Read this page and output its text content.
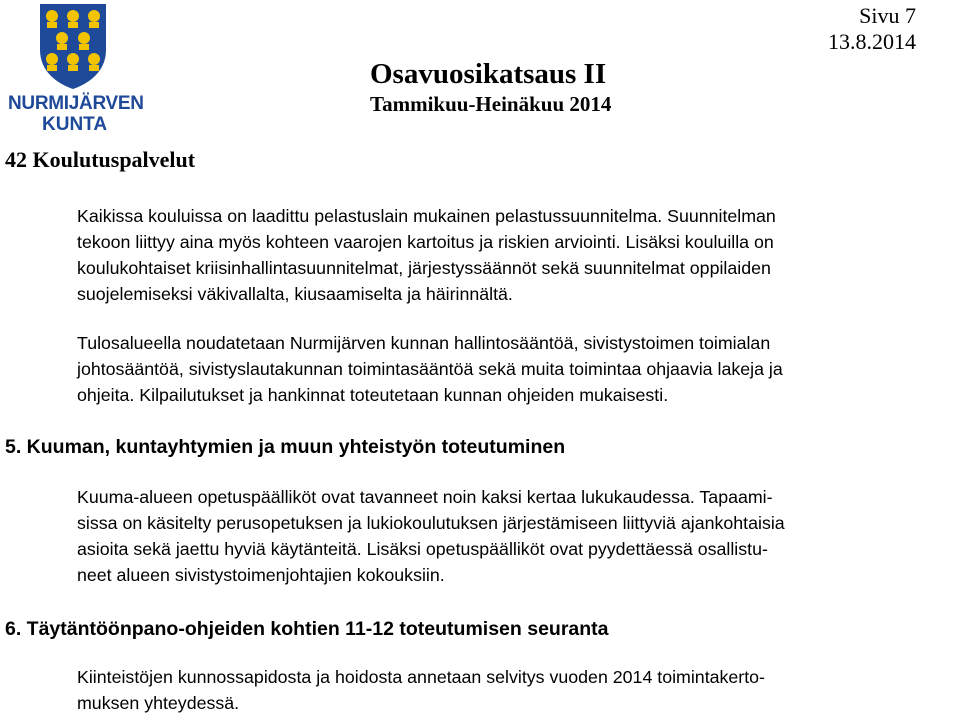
NURMIJÄRVEN
KUNTA
42 Koulutuspalvelut
Sivu 7
13.8.2014
Osavuosikatsaus II
Tammikuu-Heinäkuu 2014

Kaikissa kouluissa on laadittu pelastuslain mukainen pelastussuunnitelma. Suunnitelman

tekoon liittyy aina myös kohteen vaarojen kartoitus ja riskien arviointi. Lisäksi kouluilla on

koulukohtaiset kriisinhallintasuunnitelmat, järjestyssäännöt sekä suunnitelmat oppilaiden

suojelemiseksi väkivallalta, kiusaamiselta ja häirinnältä.

Tulosalueella noudatetaan Nurmijärven kunnan hallintosääntöä, sivistystoimen toimialan

johtosääntöä, sivistyslautakunnan toimintasääntöä sekä muita toimintaa ohjaavia lakeja ja

ohjeita. Kilpailutukset ja hankinnat toteutetaan kunnan ohjeiden mukaisesti.

5. Kuuman, kuntayhtymien ja muun yhteistyön toteutuminen

Kuuma-alueen opetuspäälliköt ovat tavanneet noin kaksi kertaa lukukaudessa. Tapaami-

sissa on käsitelty perusopetuksen ja lukiokoulutuksen järjestämiseen liittyviä ajankohtaisia

asioita sekä jaettu hyviä käytänteitä. Lisäksi opetuspäälliköt ovat pyydettäessä osallistu-

neet alueen sivistystoimenjohtajien kokouksiin.

6. Täytäntöönpano-ohjeiden kohtien 11-12 toteutumisen seuranta

Kiinteistöjen kunnossapidosta ja hoidosta annetaan selvitys vuoden 2014 toimintakerto-

muksen yhteydessä.
